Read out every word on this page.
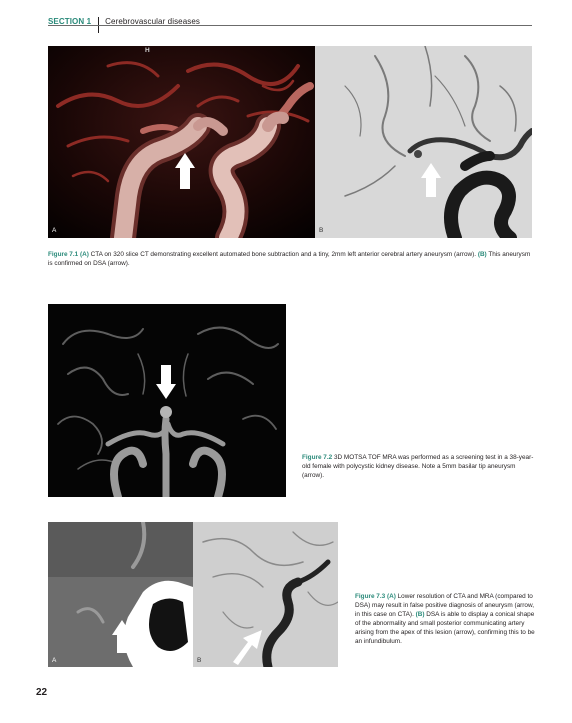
SECTION 1 Cerebrovascular diseases
H
A	B
Figure 7.1 (A) CTA on 320 slice CT demonstrating excellent automated bone subtraction and a tiny, 2mm left anterior cerebral artery aneurysm (arrow). (B) This aneurysm is confirmed on DSA (arrow).
Figure 7.2 3D MOTSA TOF MRA was performed as a screening test in a 38-year-old female with polycystic kidney disease. Note a 5mm basilar tip aneurysm (arrow).
A	B
Figure 7.3 (A) Lower resolution of CTA and MRA (compared to DSA) may result in false positive diagnosis of aneurysm (arrow, in this case on CTA). (B) DSA is able to display a conical shape of the abnormality and small posterior communicating artery arising from the apex of this lesion (arrow), confirming this to be an infundibulum.
22
